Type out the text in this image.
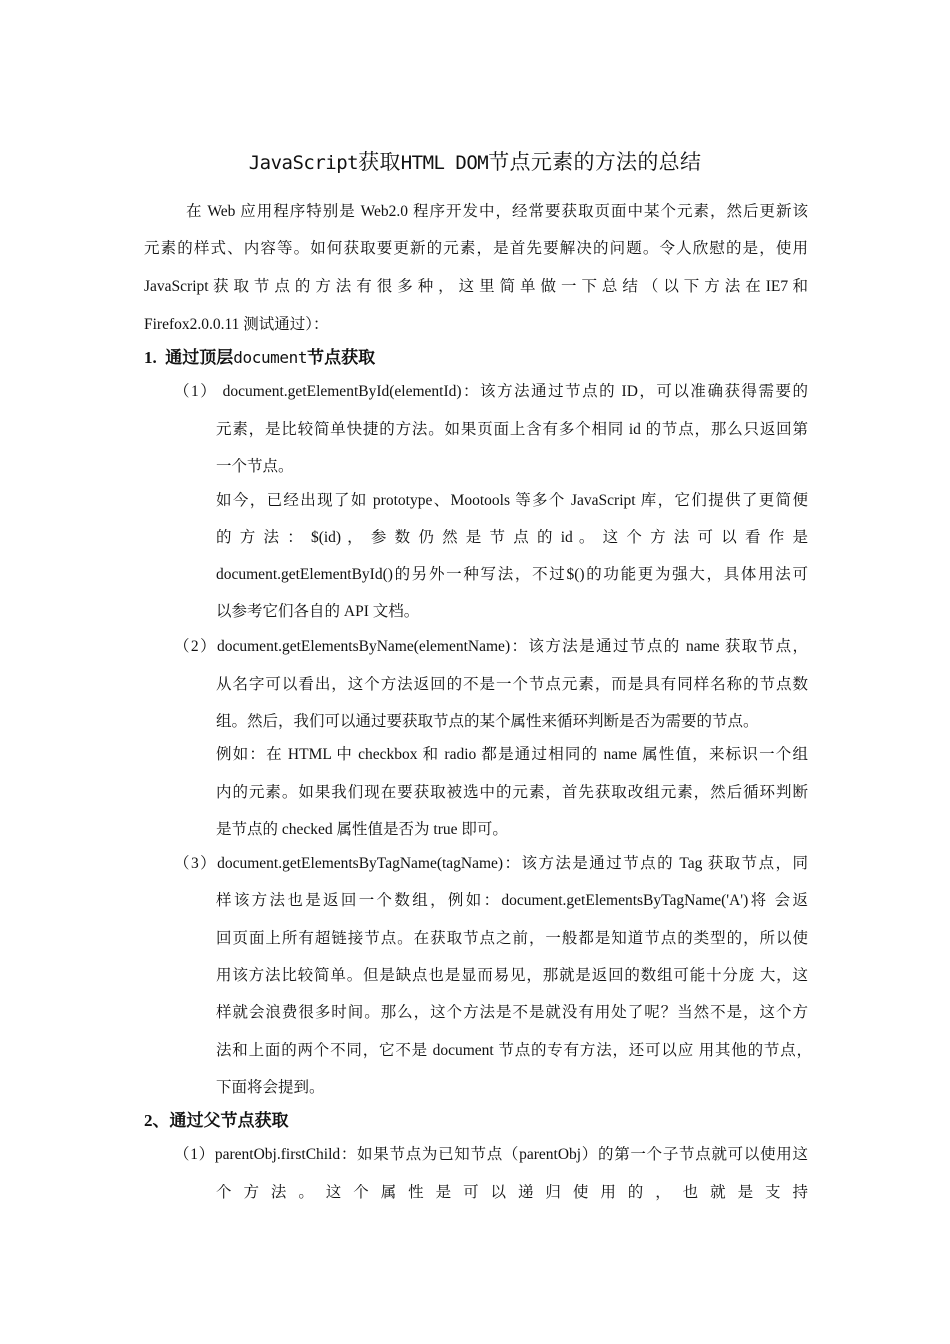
JavaScript获取HTML DOM节点元素的方法的总结
在 Web 应用程序特别是 Web2.0 程序开发中，经常要获取页面中某个元素，然后更新该
元素的样式、内容等。如何获取要更新的元素，是首先要解决的问题。令人欣慰的是，使用
JavaScript 获 取 节 点 的 方 法 有 很 多 种 ， 这 里 简 单 做 一 下 总 结 （ 以 下 方 法 在 IE7 和
Firefox2.0.0.11 测试通过）：
1. 通过顶层document节点获取
（1） document.getElementById(elementId)：该方法通过节点的 ID，可以准确获得需要的
元素，是比较简单快捷的方法。如果页面上含有多个相同 id 的节点，那么只返回第
一个节点。
如今，已经出现了如 prototype、Mootools 等多个 JavaScript 库，它们提供了更简便
的 方 法 ： $(id) ， 参 数 仍 然 是 节 点 的 id 。 这 个 方 法 可 以 看 作 是
document.getElementById()的另外一种写法，不过$()的功能更为强大，具体用法可
以参考它们各自的 API 文档。
（2）document.getElementsByName(elementName)：该方法是通过节点的 name 获取节点，
从名字可以看出，这个方法返回的不是一个节点元素，而是具有同样名称的节点数
组。然后，我们可以通过要获取节点的某个属性来循环判断是否为需要的节点。
例如：在 HTML 中 checkbox 和 radio 都是通过相同的 name 属性值，来标识一个组
内的元素。如果我们现在要获取被选中的元素，首先获取改组元素，然后循环判断
是节点的 checked 属性值是否为 true 即可。
（3）document.getElementsByTagName(tagName)：该方法是通过节点的 Tag 获取节点，同
样该方法也是返回一个数组，例如：document.getElementsByTagName('A')将 会返
回页面上所有超链接节点。在获取节点之前，一般都是知道节点的类型的，所以使
用该方法比较简单。但是缺点也是显而易见，那就是返回的数组可能十分庞 大，这
样就会浪费很多时间。那么，这个方法是不是就没有用处了呢？当然不是，这个方
法和上面的两个不同，它不是 document 节点的专有方法，还可以应 用其他的节点，
下面将会提到。
2、通过父节点获取
（1）parentObj.firstChild：如果节点为已知节点（parentObj）的第一个子节点就可以使用这
个 方 法 。 这 个 属 性 是 可 以 递 归 使 用 的 ， 也 就 是 支 持
